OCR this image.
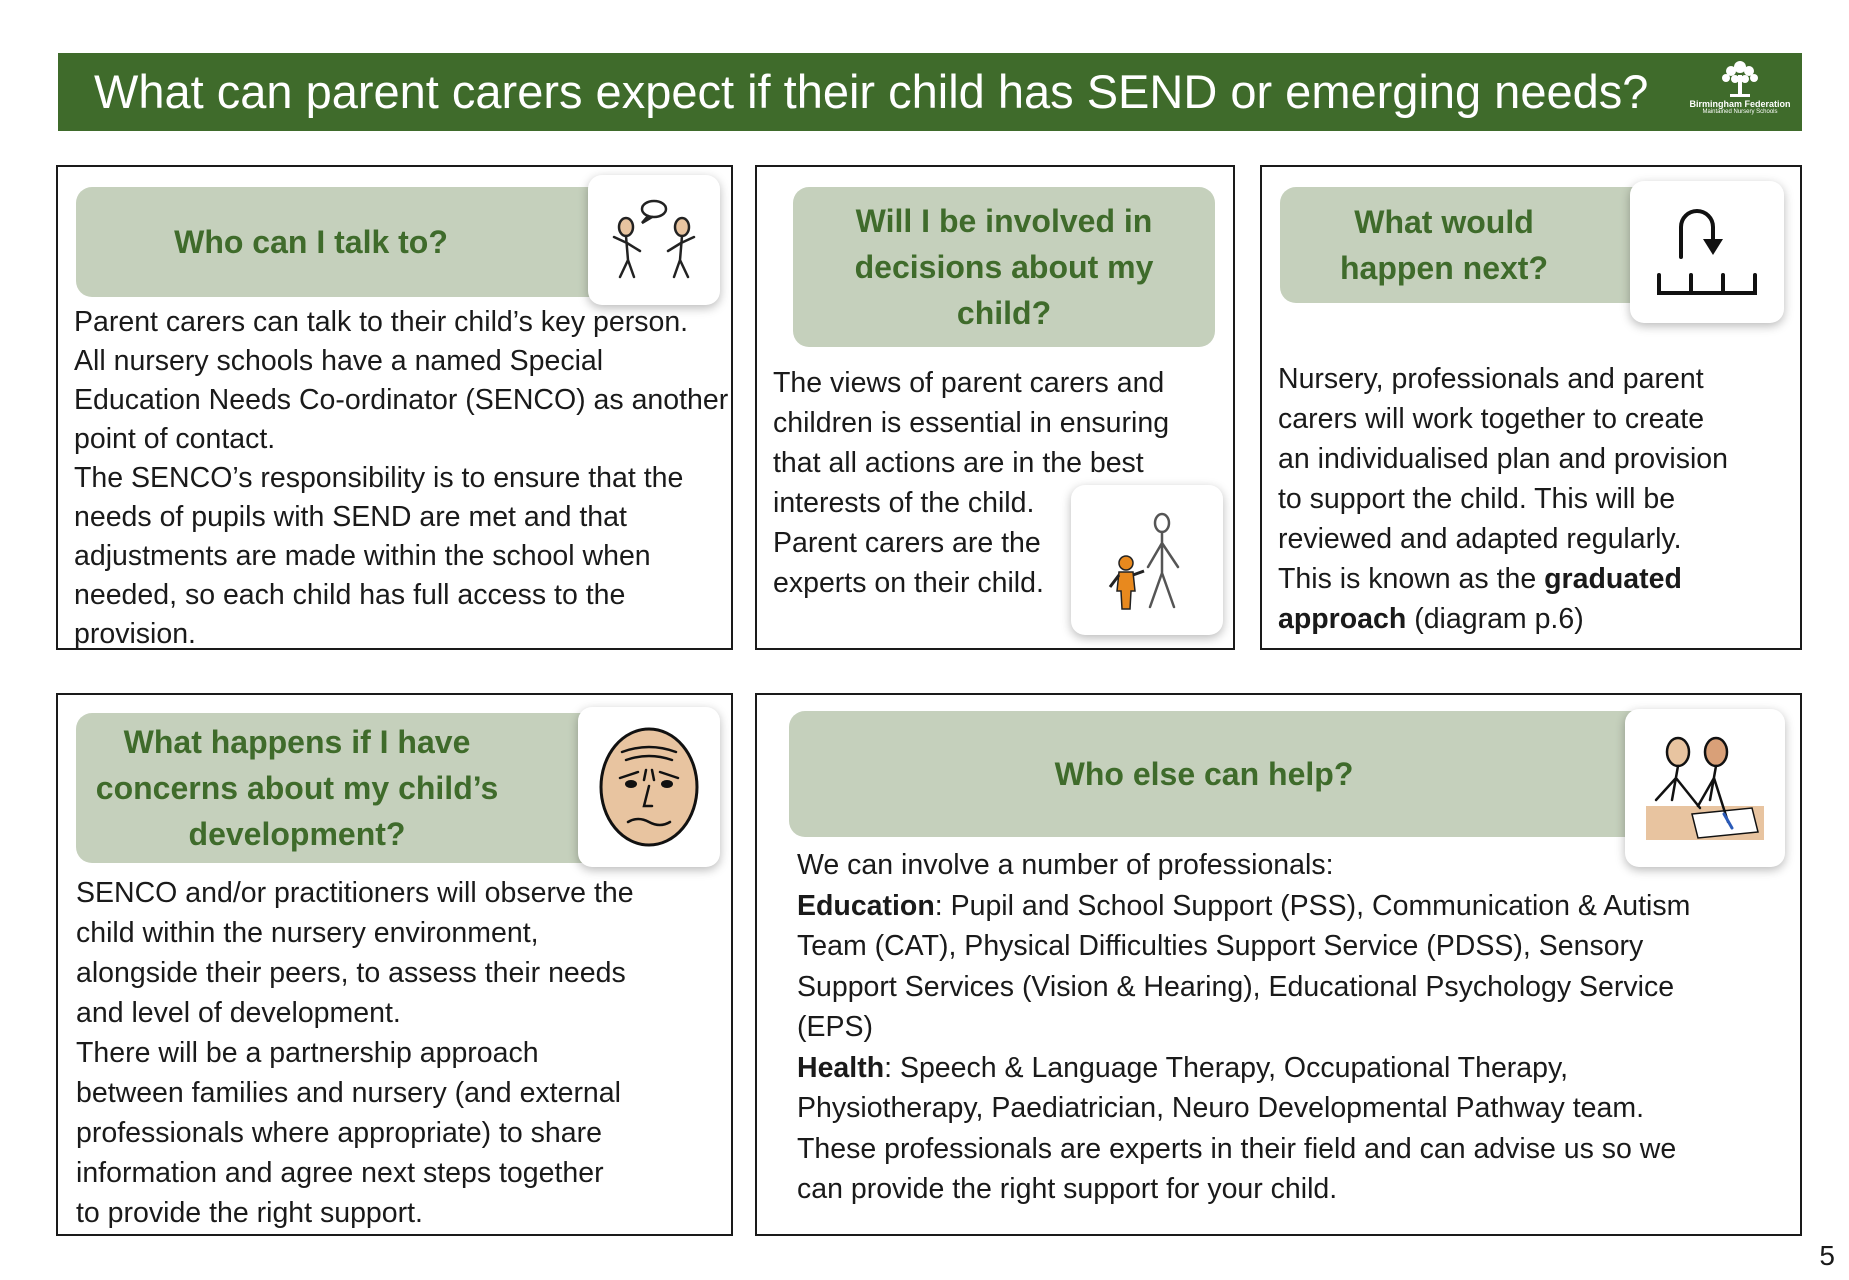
What can parent carers expect if their child has SEND or emerging needs?	Birmingham Federation
Maintained Nursery Schools
Who can I talk to?
Parent carers can talk to their child’s key person.
All nursery schools have a named Special
Education Needs Co-ordinator (SENCO) as another
point of contact.
The SENCO’s responsibility is to ensure that the
needs of pupils with SEND are met and that
adjustments are made within the school when
needed, so each child has full access to the
provision.
Will I be involved in
decisions about my
child?
The views of parent carers and
children is essential in ensuring
that all actions are in the best
interests of the child.
Parent carers are the
experts on their child.
What would
happen next?
Nursery, professionals and parent
carers will work together to create
an individualised plan and provision
to support the child. This will be
reviewed and adapted regularly.
This is known as the graduated
approach (diagram p.6)
What happens if I have
concerns about my child’s
development?
SENCO and/or practitioners will observe the
child within the nursery environment,
alongside their peers, to assess their needs
and level of development.
There will be a partnership approach
between families and nursery (and external
professionals where appropriate) to share
information and agree next steps together
to provide the right support.
Who else can help?
We can involve a number of professionals:
Education: Pupil and School Support (PSS), Communication & Autism
Team (CAT), Physical Difficulties Support Service (PDSS), Sensory
Support Services (Vision & Hearing), Educational Psychology Service
(EPS)
Health: Speech & Language Therapy, Occupational Therapy,
Physiotherapy, Paediatrician, Neuro Developmental Pathway team.
These professionals are experts in their field and can advise us so we
can provide the right support for your child.
5
